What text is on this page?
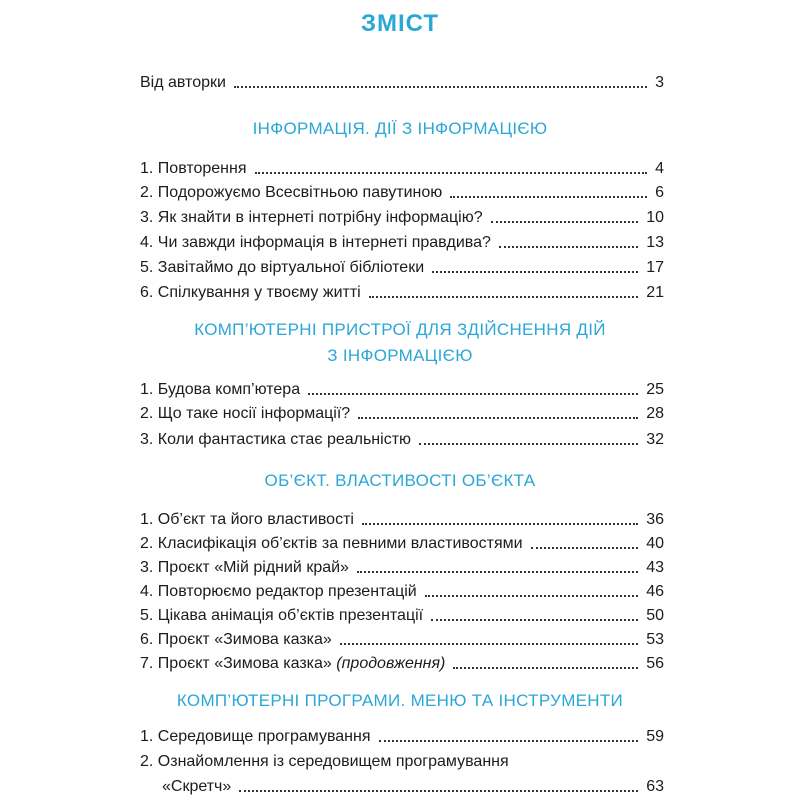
ЗМІСТ
Від авторки	3
ІНФОРМАЦІЯ. ДІЇ З ІНФОРМАЦІЄЮ
1. Повторення	4
2. Подорожуємо Всесвітньою павутиною	6
3. Як знайти в інтернеті потрібну інформацію?	10
4. Чи завжди інформація в інтернеті правдива?	13
5. Завітаймо до віртуальної бібліотеки	17
6. Спілкування у твоєму житті	21
КОМП’ЮТЕРНІ ПРИСТРОЇ ДЛЯ ЗДІЙСНЕННЯ ДІЙ
З ІНФОРМАЦІЄЮ
1. Будова комп’ютера	25
2. Що таке носії інформації?	28
3. Коли фантастика стає реальністю	32
ОБ’ЄКТ. ВЛАСТИВОСТІ ОБ’ЄКТА
1. Об’єкт та його властивості	36
2. Класифікація об’єктів за певними властивостями	40
3. Проєкт «Мій рідний край»	43
4. Повторюємо редактор презентацій	46
5. Цікава анімація об’єктів презентації	50
6. Проєкт «Зимова казка»	53
7. Проєкт «Зимова казка» (продовження)	56
КОМП’ЮТЕРНІ ПРОГРАМИ. МЕНЮ ТА ІНСТРУМЕНТИ
1. Середовище програмування	59
2. Ознайомлення із середовищем програмування
«Скретч»	63
